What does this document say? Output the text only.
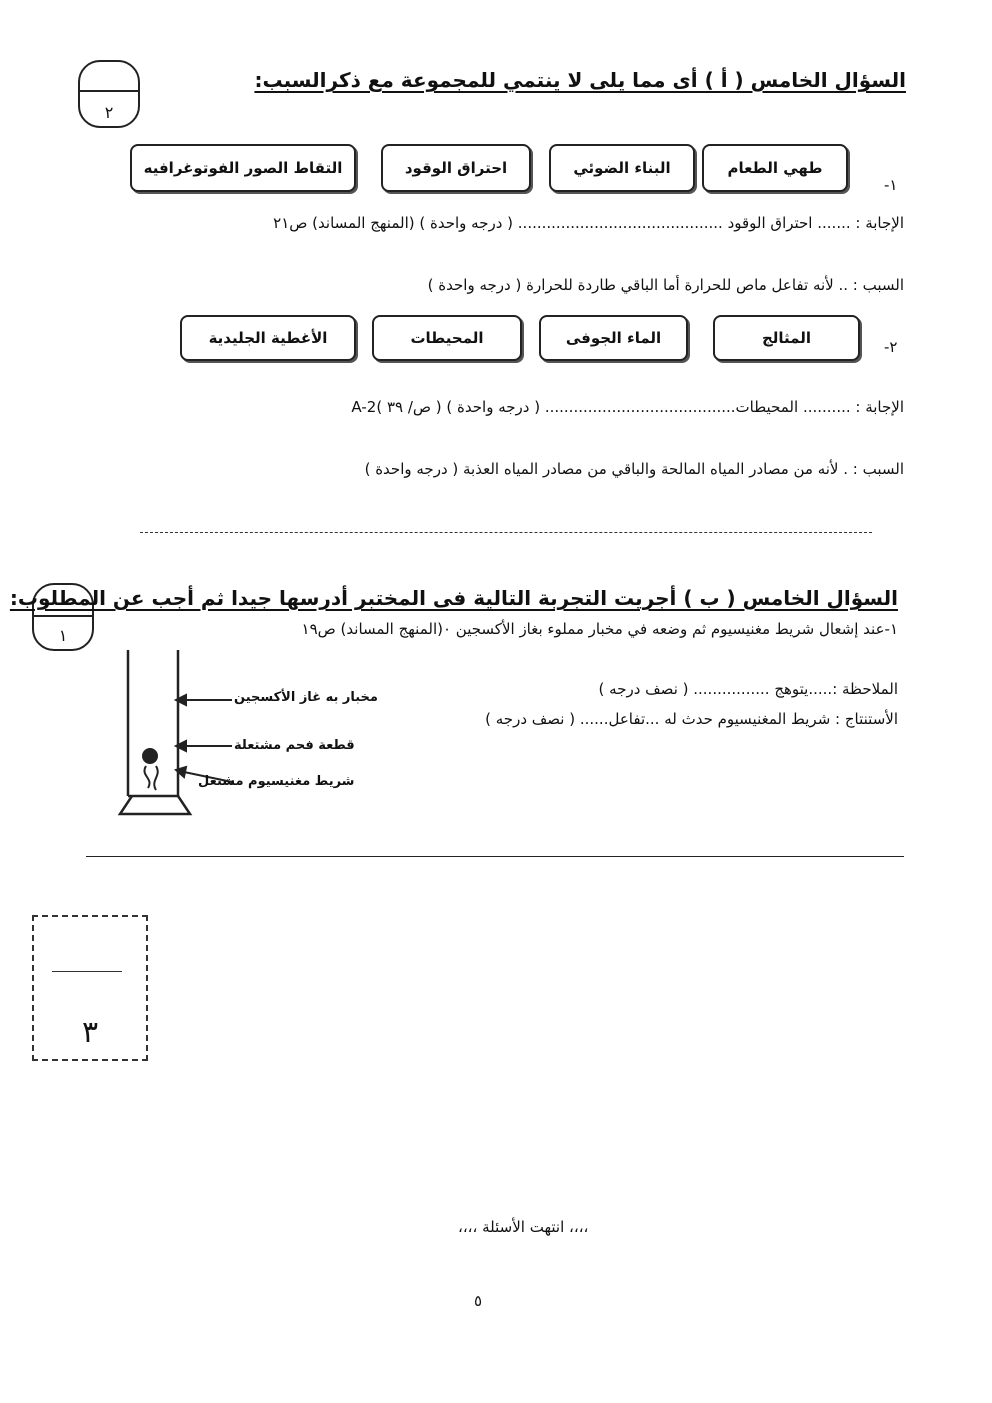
٢
السؤال الخامس ( أ ) أى مما يلى لا ينتمي للمجموعة مع ذكرالسبب:
-١
طهي الطعام
البناء الضوئي
احتراق الوقود
التقاط الصور الفوتوغرافيه
الإجابة : ....... احتراق الوقود ........................................... ( درجه واحدة ) (المنهج المساند) ص٢١
السبب : .. لأنه تفاعل ماص للحرارة أما الباقي طاردة للحرارة ( درجه واحدة )
-٢
المثالج
الماء الجوفى
المحيطات
الأغطية الجليدية
الإجابة : .......... المحيطات........................................ ( درجه واحدة ) ( ص/ ٣٩ )A-2
السبب : . لأنه من مصادر المياه المالحة والباقي من مصادر المياه العذبة ( درجه واحدة )
١
السؤال الخامس ( ب ) أجريت التجربة التالية فى المختبر أدرسها جيدا ثم أجب عن المطلوب:
١-عند إشعال شريط مغنيسيوم ثم وضعه في مخبار مملوء بغاز الأكسجين ٠(المنهج المساند) ص١٩
الملاحظة :.....يتوهج ................ ( نصف درجه )
الأستنتاج : شريط المغنيسيوم حدث له ...تفاعل...... ( نصف درجه )
مخبار به غاز الأكسجين
قطعة فحم مشتعلة
شريط مغنيسيوم مشتعل
٣
،،،، انتهت الأسئلة ،،،،
٥
